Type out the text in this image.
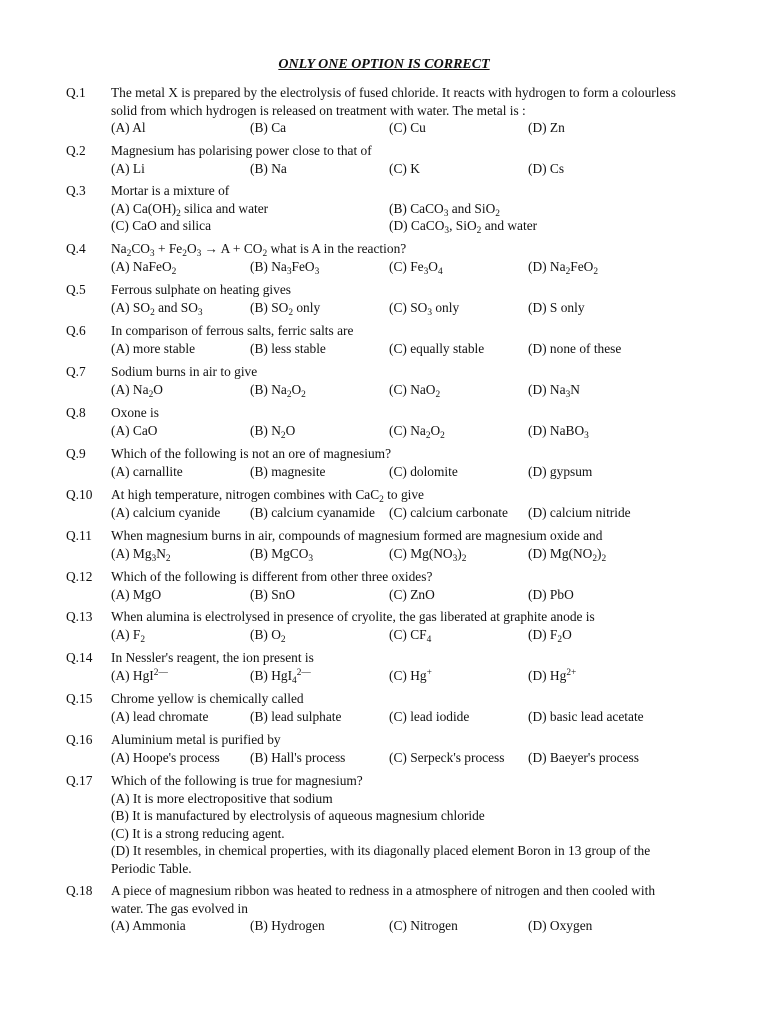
ONLY ONE OPTION IS CORRECT
Q.1 The metal X is prepared by the electrolysis of fused chloride. It reacts with hydrogen to form a colourless
solid from which hydrogen is released on treatment with water. The metal is :
(A) Al	(B) Ca	(C) Cu	(D) Zn
Q.2 Magnesium has polarising power close to that of
(A) Li	(B) Na	(C) K	(D) Cs
Q.3 Mortar is a mixture of
(A) $Ca(OH)_2$ silica and water	(B) CaCO$_3$ and SiO$_2$
(C) CaO and silica	(D) CaCO$_3$, SiO$_2$ and water
Q.4 $Na_2CO_3 + Fe_2O_3 \to A + CO_2$ what is A in the reaction?
(A) NaFeO$_2$	(B) $Na_3FeO_3$	(C) $Fe_3O_4$	(D) $Na_2FeO_2$
Q.5 Ferrous sulphate on heating gives
(A) $SO_2$ and $SO_3$	(B) $SO_2$ only	(C) $SO_3$ only	(D) S only
Q.6 In comparison of ferrous salts, ferric salts are
(A) more stable	(B) less stable	(C) equally stable	(D) none of these
Q.7 Sodium burns in air to give
(A) $Na_2O$	(B) $Na_2O_2$	(C) NaO$_2$	(D) $Na_3N$
Q.8 Oxone is
(A) CaO	(B) $N_2O$	(C) $Na_2O_2$	(D) NaBO$_3$
Q.9 Which of the following is not an ore of magnesium?
(A) carnallite	(B) magnesite	(C) dolomite	(D) gypsum
Q.10 At high temperature, nitrogen combines with CaC$_2$ to give
(A) calcium cyanide (B) calcium cyanamide (C) calcium carbonate (D) calcium nitride
Q.11 When magnesium burns in air, compounds of magnesium formed are magnesium oxide and
(A) $Mg_3N_2$	(B) MgCO$_3$	(C) $Mg(NO_3)_2$	(D) $Mg(NO_2)_2$
Q.12 Which of the following is different from other three oxides?
(A) MgO	(B) SnO	(C) ZnO	(D) PbO
Q.13 When alumina is electrolysed in presence of cryolite, the gas liberated at graphite anode is
(A) $F_2$	(B) $O_2$	(C) $CF_4$	(D) $F_2O$
Q.14 In Nessler's reagent, the ion present is
(A) HgI$^{2—}$	(B) HgI$_4^{2—}$	(C) Hg+	(D) $Hg^{2+}$
Q.15 Chrome yellow is chemically called
(A) lead chromate	(B) lead sulphate	(C) lead iodide	(D) basic lead acetate
Q.16 Aluminium metal is purified by
(A) Hoope's process (B) Hall's process	(C) Serpeck's process (D) Baeyer's process
Q.17 Which of the following is true for magnesium?
(A) It is more electropositive that sodium
(B) It is manufactured by electrolysis of aqueous magnesium chloride
(C) It is a strong reducing agent.
(D) It resembles, in chemical properties, with its diagonally placed element Boron in 13 group of the
Periodic Table.
Q.18 A piece of magnesium ribbon was heated to redness in a atmosphere of nitrogen and then cooled with
water. The gas evolved in
(A) Ammonia	(B) Hydrogen	(C) Nitrogen	(D) Oxygen
